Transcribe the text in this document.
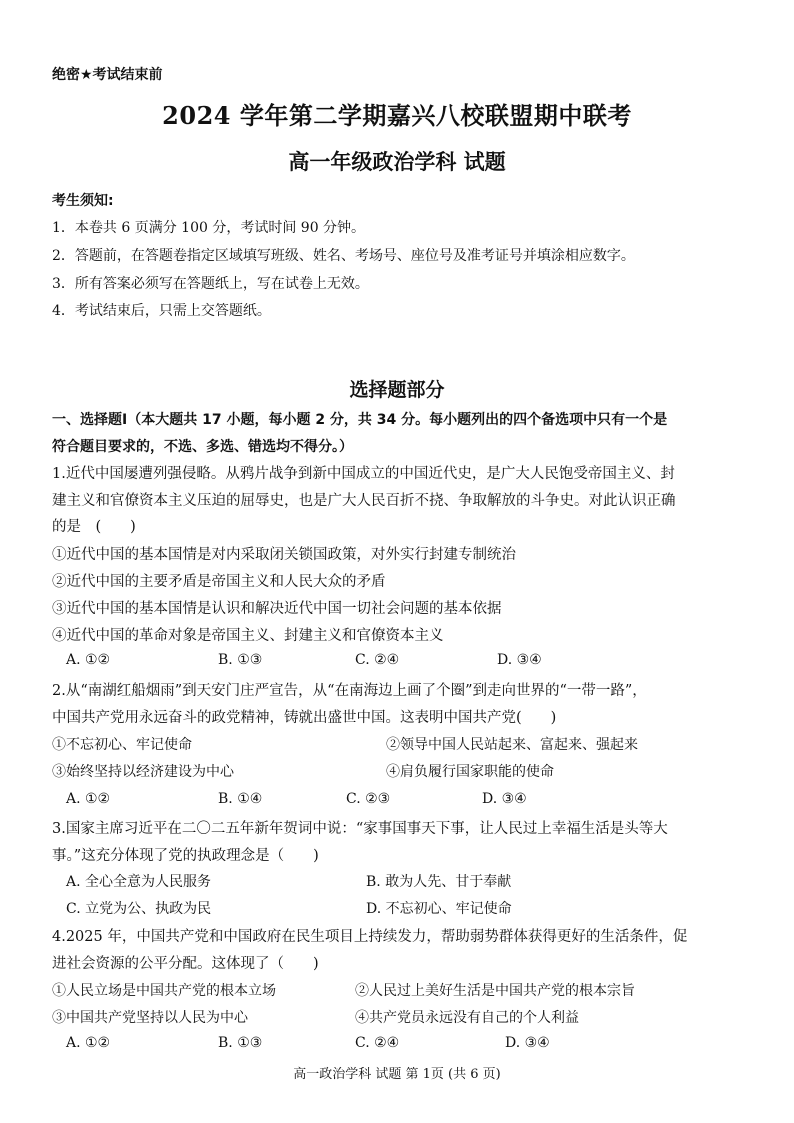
绝密★考试结束前
2024 学年第二学期嘉兴八校联盟期中联考
高一年级政治学科 试题
考生须知:
1．本卷共 6 页满分 100 分，考试时间 90 分钟。
2．答题前，在答题卷指定区域填写班级、姓名、考场号、座位号及准考证号并填涂相应数字。
3．所有答案必须写在答题纸上，写在试卷上无效。
4．考试结束后，只需上交答题纸。
选择题部分
一、选择题Ⅰ（本大题共 17 小题，每小题 2 分，共 34 分。每小题列出的四个备选项中只有一个是
符合题目要求的，不选、多选、错选均不得分。）
1.近代中国屡遭列强侵略。从鸦片战争到新中国成立的中国近代史，是广大人民饱受帝国主义、封
建主义和官僚资本主义压迫的屈辱史，也是广大人民百折不挠、争取解放的斗争史。对此认识正确
的是　(　　)
①近代中国的基本国情是对内采取闭关锁国政策，对外实行封建专制统治
②近代中国的主要矛盾是帝国主义和人民大众的矛盾
③近代中国的基本国情是认识和解决近代中国一切社会问题的基本依据
④近代中国的革命对象是帝国主义、封建主义和官僚资本主义
A. ①②	B. ①③	C. ②④	D. ③④
2.从“南湖红船烟雨”到天安门庄严宣告，从“在南海边上画了个圈”到走向世界的“一带一路”，
中国共产党用永远奋斗的政党精神，铸就出盛世中国。这表明中国共产党(　　)
①不忘初心、牢记使命	②领导中国人民站起来、富起来、强起来
③始终坚持以经济建设为中心	④肩负履行国家职能的使命
A. ①②	B. ①④	C. ②③	D. ③④
3.国家主席习近平在二〇二五年新年贺词中说：“家事国事天下事，让人民过上幸福生活是头等大
事。”这充分体现了党的执政理念是（　　)
A. 全心全意为人民服务	B. 敢为人先、甘于奉献
C. 立党为公、执政为民	D. 不忘初心、牢记使命
4.2025 年，中国共产党和中国政府在民生项目上持续发力，帮助弱势群体获得更好的生活条件，促
进社会资源的公平分配。这体现了（　　)
①人民立场是中国共产党的根本立场	②人民过上美好生活是中国共产党的根本宗旨
③中国共产党坚持以人民为中心	④共产党员永远没有自己的个人利益
A. ①②	B. ①③	C. ②④	D. ③④
高一政治学科 试题 第 1页 (共 6 页)
